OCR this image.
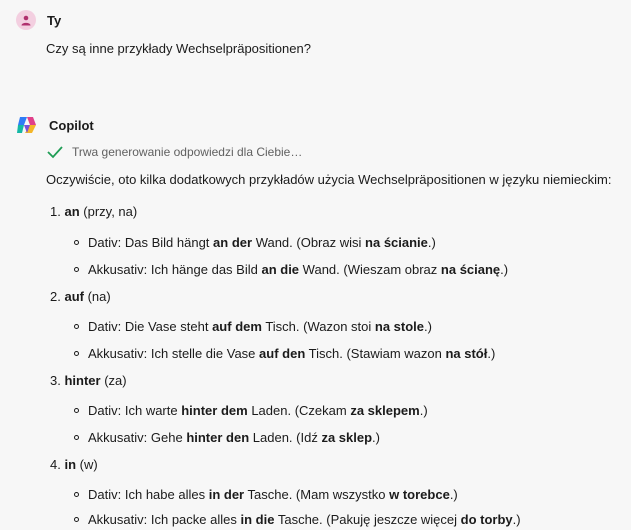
Ty
Czy są inne przykłady Wechselpräpositionen?
Copilot
Trwa generowanie odpowiedzi dla Ciebie…
Oczywiście, oto kilka dodatkowych przykładów użycia Wechselpräpositionen w języku niemieckim:
1. an (przy, na)
Dativ: Das Bild hängt an der Wand. (Obraz wisi na ścianie.)
Akkusativ: Ich hänge das Bild an die Wand. (Wieszam obraz na ścianę.)
2. auf (na)
Dativ: Die Vase steht auf dem Tisch. (Wazon stoi na stole.)
Akkusativ: Ich stelle die Vase auf den Tisch. (Stawiam wazon na stół.)
3. hinter (za)
Dativ: Ich warte hinter dem Laden. (Czekam za sklepem.)
Akkusativ: Gehe hinter den Laden. (Idź za sklep.)
4. in (w)
Dativ: Ich habe alles in der Tasche. (Mam wszystko w torebce.)
Akkusativ: Ich packe alles in die Tasche. (Pakuję jeszcze więcej do torby.)
